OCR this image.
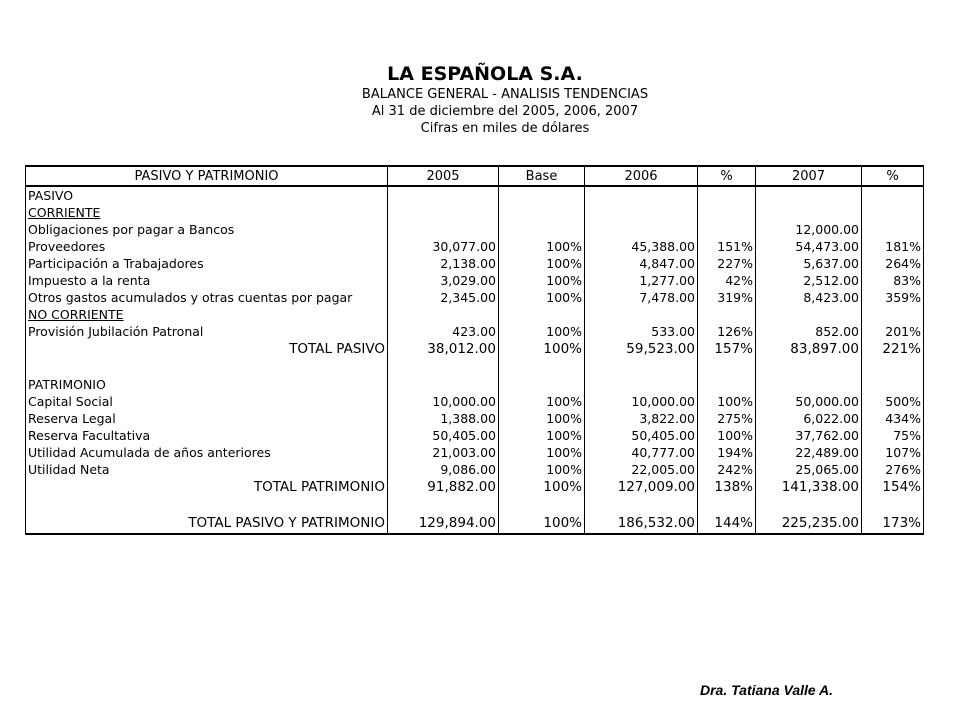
LA ESPAÑOLA S.A.
BALANCE GENERAL - ANALISIS TENDENCIAS
Al 31 de diciembre del 2005, 2006, 2007
Cifras en miles de dólares
PASIVO Y PATRIMONIO	2005	Base	2006	%	2007	%
PASIVO						
CORRIENTE						
Obligaciones por pagar a Bancos					12,000.00	
Proveedores	30,077.00	100%	45,388.00	151%	54,473.00	181%
Participación a Trabajadores	2,138.00	100%	4,847.00	227%	5,637.00	264%
Impuesto a la renta	3,029.00	100%	1,277.00	42%	2,512.00	83%
Otros gastos acumulados y otras cuentas por pagar	2,345.00	100%	7,478.00	319%	8,423.00	359%
NO CORRIENTE						
Provisión Jubilación Patronal	423.00	100%	533.00	126%	852.00	201%
TOTAL PASIVO	38,012.00	100%	59,523.00	157%	83,897.00	221%

PATRIMONIO						
Capital Social	10,000.00	100%	10,000.00	100%	50,000.00	500%
Reserva Legal	1,388.00	100%	3,822.00	275%	6,022.00	434%
Reserva Facultativa	50,405.00	100%	50,405.00	100%	37,762.00	75%
Utilidad Acumulada de años anteriores	21,003.00	100%	40,777.00	194%	22,489.00	107%
Utilidad Neta	9,086.00	100%	22,005.00	242%	25,065.00	276%
TOTAL PATRIMONIO	91,882.00	100%	127,009.00	138%	141,338.00	154%

TOTAL PASIVO Y PATRIMONIO	129,894.00	100%	186,532.00	144%	225,235.00	173%
Dra. Tatiana Valle A.
